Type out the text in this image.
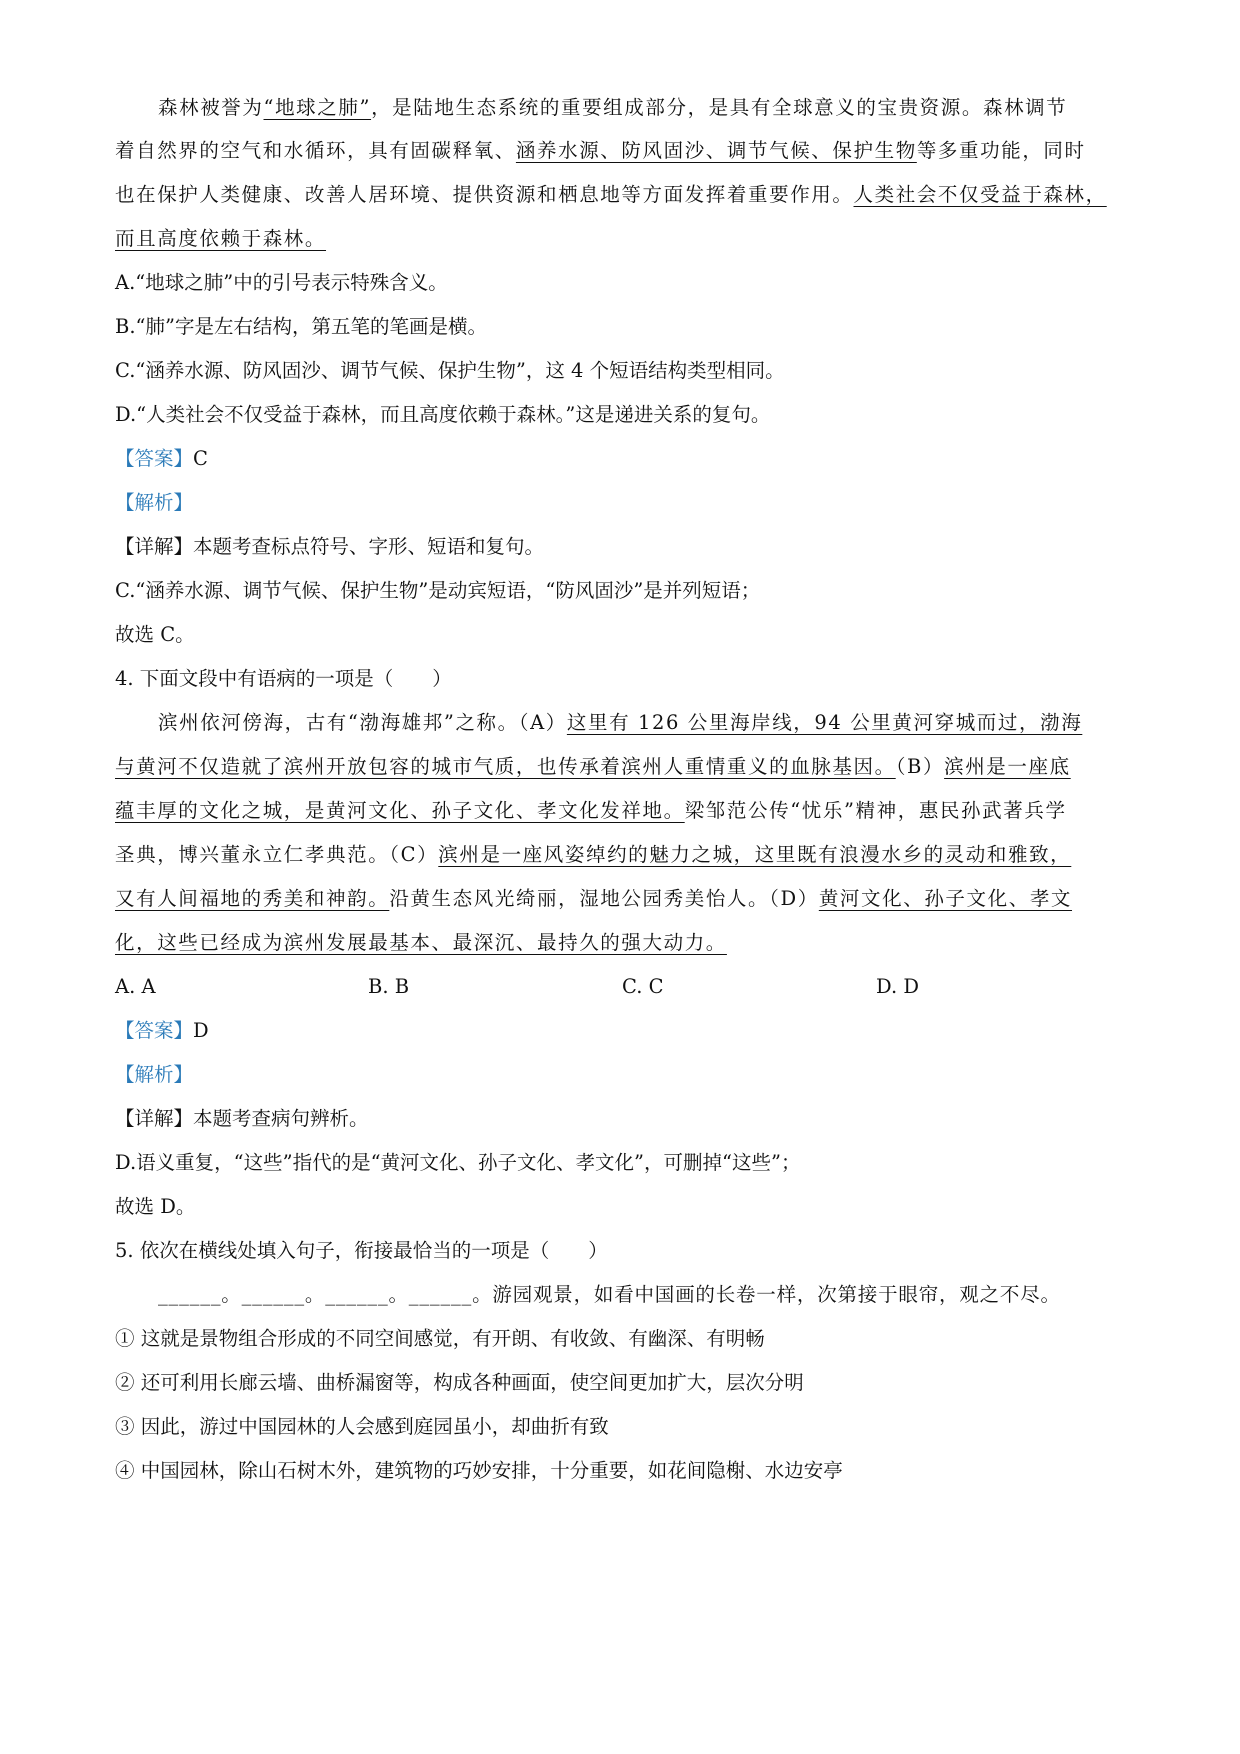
森林被誉为“地球之肺”，是陆地生态系统的重要组成部分，是具有全球意义的宝贵资源。森林调节
着自然界的空气和水循环，具有固碳释氧、涵养水源、防风固沙、调节气候、保护生物等多重功能，同时
也在保护人类健康、改善人居环境、提供资源和栖息地等方面发挥着重要作用。人类社会不仅受益于森林，
而且高度依赖于森林。
A.“地球之肺”中的引号表示特殊含义。
B.“肺”字是左右结构，第五笔的笔画是横。
C.“涵养水源、防风固沙、调节气候、保护生物”，这 4 个短语结构类型相同。
D.“人类社会不仅受益于森林，而且高度依赖于森林。”这是递进关系的复句。
【答案】C
【解析】
【详解】本题考查标点符号、字形、短语和复句。
C.“涵养水源、调节气候、保护生物”是动宾短语，“防风固沙”是并列短语；
故选 C。
4. 下面文段中有语病的一项是（　　）
滨州依河傍海，古有“渤海雄邦”之称。（A）这里有 126 公里海岸线，94 公里黄河穿城而过，渤海
与黄河不仅造就了滨州开放包容的城市气质，也传承着滨州人重情重义的血脉基因。（B）滨州是一座底
蕴丰厚的文化之城，是黄河文化、孙子文化、孝文化发祥地。梁邹范公传“忧乐”精神，惠民孙武著兵学
圣典，博兴董永立仁孝典范。（C）滨州是一座风姿绰约的魅力之城，这里既有浪漫水乡的灵动和雅致，
又有人间福地的秀美和神韵。沿黄生态风光绮丽，湿地公园秀美怡人。（D）黄河文化、孙子文化、孝文
化，这些已经成为滨州发展最基本、最深沉、最持久的强大动力。
A. A	B. B	C. C	D. D
【答案】D
【解析】
【详解】本题考查病句辨析。
D.语义重复，“这些”指代的是“黄河文化、孙子文化、孝文化”，可删掉“这些”；
故选 D。
5. 依次在横线处填入句子，衔接最恰当的一项是（　　）
______。______。______。______。游园观景，如看中国画的长卷一样，次第接于眼帘，观之不尽。
① 这就是景物组合形成的不同空间感觉，有开朗、有收敛、有幽深、有明畅
② 还可利用长廊云墙、曲桥漏窗等，构成各种画面，使空间更加扩大，层次分明
③ 因此，游过中国园林的人会感到庭园虽小，却曲折有致
④ 中国园林，除山石树木外，建筑物的巧妙安排，十分重要，如花间隐榭、水边安亭
